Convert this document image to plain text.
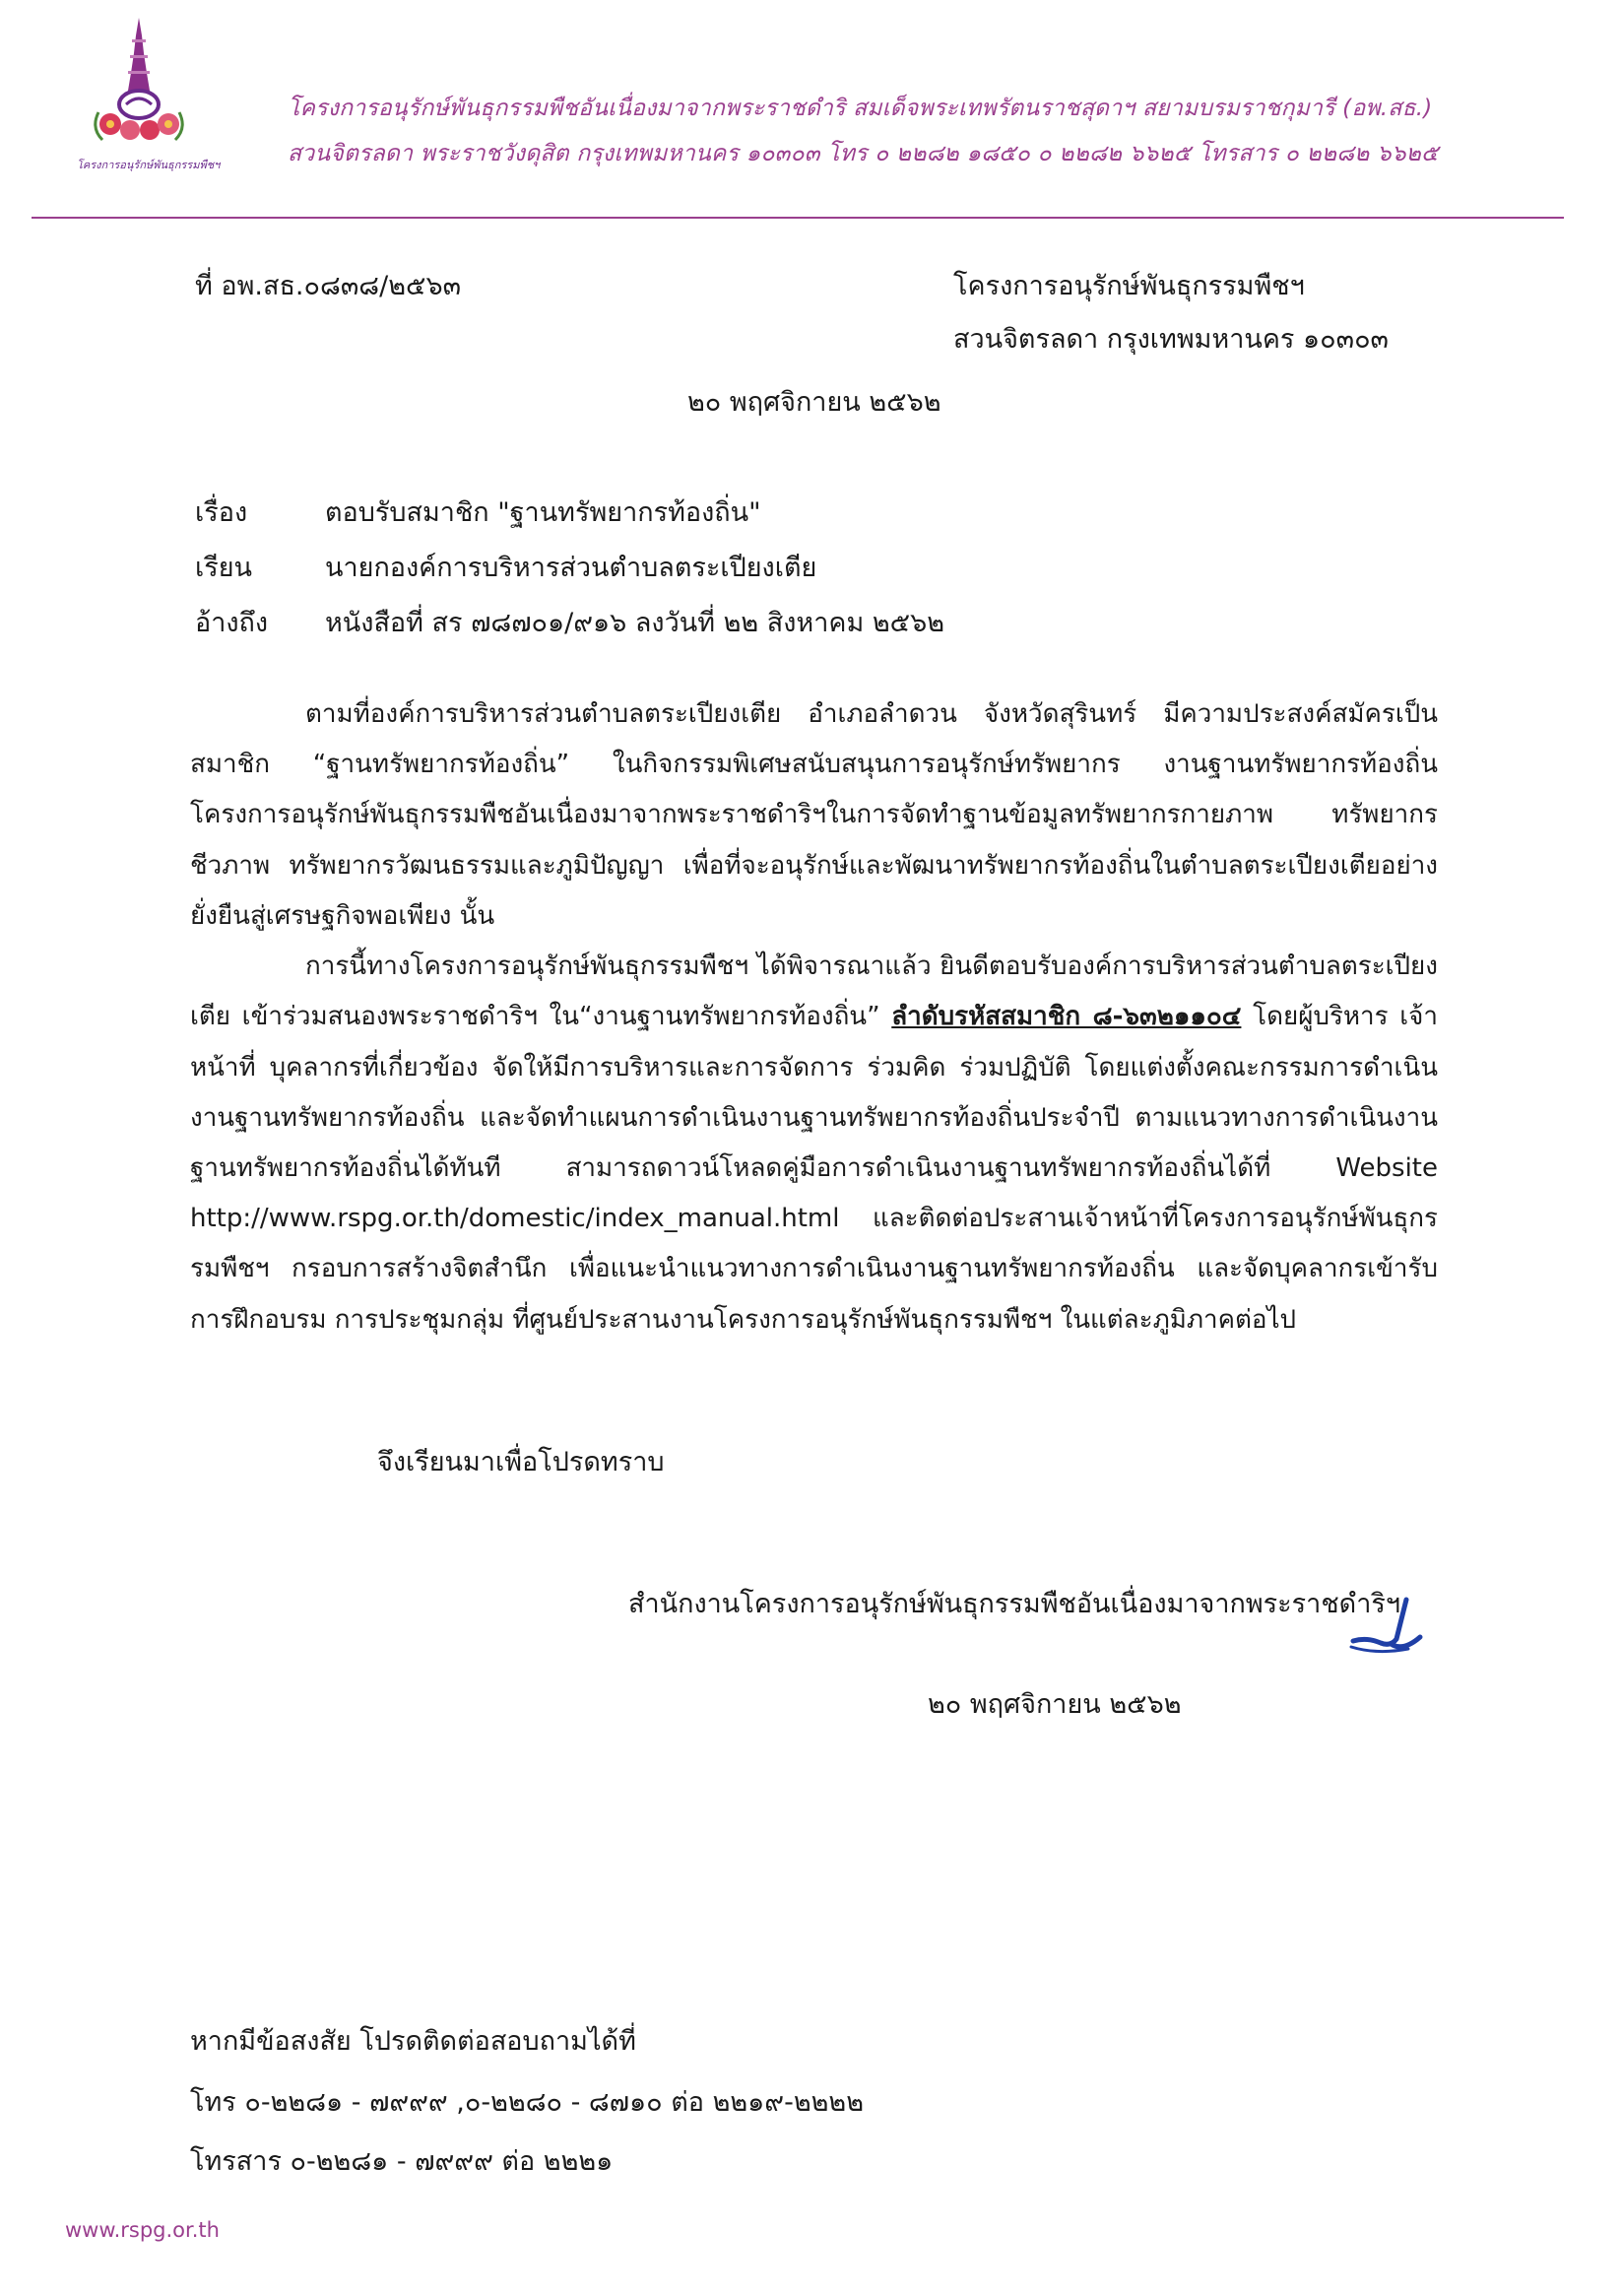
โครงการอนุรักษ์พันธุกรรมพืชฯ
โครงการอนุรักษ์พันธุกรรมพืชอันเนื่องมาจากพระราชดำริ สมเด็จพระเทพรัตนราชสุดาฯ สยามบรมราชกุมารี (อพ.สธ.)
สวนจิตรลดา พระราชวังดุสิต กรุงเทพมหานคร ๑๐๓๐๓ โทร ๐ ๒๒๘๒ ๑๘๕๐ ๐ ๒๒๘๒ ๖๖๒๕ โทรสาร ๐ ๒๒๘๒ ๖๖๒๕
ที่ อพ.สธ.๐๘๓๘/๒๕๖๓	โครงการอนุรักษ์พันธุกรรมพืชฯ
สวนจิตรลดา กรุงเทพมหานคร ๑๐๓๐๓
๒๐ พฤศจิกายน ๒๕๖๒
เรื่อง	ตอบรับสมาชิก "ฐานทรัพยากรท้องถิ่น"
เรียน	นายกองค์การบริหารส่วนตำบลตระเปียงเตีย
อ้างถึง หนังสือที่ สร ๗๘๗๐๑/๙๑๖ ลงวันที่ ๒๒ สิงหาคม ๒๕๖๒

ตามที่องค์การบริหารส่วนตำบลตระเปียงเตีย อำเภอลำดวน จังหวัดสุรินทร์ มีความประสงค์สมัครเป็นสมาชิก “ฐานทรัพยากรท้องถิ่น” ในกิจกรรมพิเศษสนับสนุนการอนุรักษ์ทรัพยากร งานฐานทรัพยากรท้องถิ่น โครงการอนุรักษ์พันธุกรรมพืชอันเนื่องมาจากพระราชดำริฯในการจัดทำฐานข้อมูลทรัพยากรกายภาพ ทรัพยากรชีวภาพ ทรัพยากรวัฒนธรรมและภูมิปัญญา เพื่อที่จะอนุรักษ์และพัฒนาทรัพยากรท้องถิ่นในตำบลตระเปียงเตียอย่างยั่งยืนสู่เศรษฐกิจพอเพียง นั้น

การนี้ทางโครงการอนุรักษ์พันธุกรรมพืชฯ ได้พิจารณาแล้ว ยินดีตอบรับองค์การบริหารส่วนตำบลตระเปียงเตีย เข้าร่วมสนองพระราชดำริฯ ใน“งานฐานทรัพยากรท้องถิ่น” ลำดับรหัสสมาชิก ๘-๖๓๒๑๑๐๔ โดยผู้บริหาร เจ้าหน้าที่ บุคลากรที่เกี่ยวข้อง จัดให้มีการบริหารและการจัดการ ร่วมคิด ร่วมปฏิบัติ โดยแต่งตั้งคณะกรรมการดำเนินงานฐานทรัพยากรท้องถิ่น และจัดทำแผนการดำเนินงานฐานทรัพยากรท้องถิ่นประจำปี ตามแนวทางการดำเนินงานฐานทรัพยากรท้องถิ่นได้ทันที สามารถดาวน์โหลดคู่มือการดำเนินงานฐานทรัพยากรท้องถิ่นได้ที่ Website http://www.rspg.or.th/domestic/index_manual.html และติดต่อประสานเจ้าหน้าที่โครงการอนุรักษ์พันธุกรรมพืชฯ กรอบการสร้างจิตสำนึก เพื่อแนะนำแนวทางการดำเนินงานฐานทรัพยากรท้องถิ่น และจัดบุคลากรเข้ารับการฝึกอบรม การประชุมกลุ่ม ที่ศูนย์ประสานงานโครงการอนุรักษ์พันธุกรรมพืชฯ ในแต่ละภูมิภาคต่อไป

จึงเรียนมาเพื่อโปรดทราบ
สำนักงานโครงการอนุรักษ์พันธุกรรมพืชอันเนื่องมาจากพระราชดำริฯ
๒๐ พฤศจิกายน ๒๕๖๒
หากมีข้อสงสัย โปรดติดต่อสอบถามได้ที่
โทร ๐-๒๒๘๑ - ๗๙๙๙ ,๐-๒๒๘๐ - ๘๗๑๐ ต่อ ๒๒๑๙-๒๒๒๒
โทรสาร ๐-๒๒๘๑ - ๗๙๙๙ ต่อ ๒๒๒๑
www.rspg.or.th
